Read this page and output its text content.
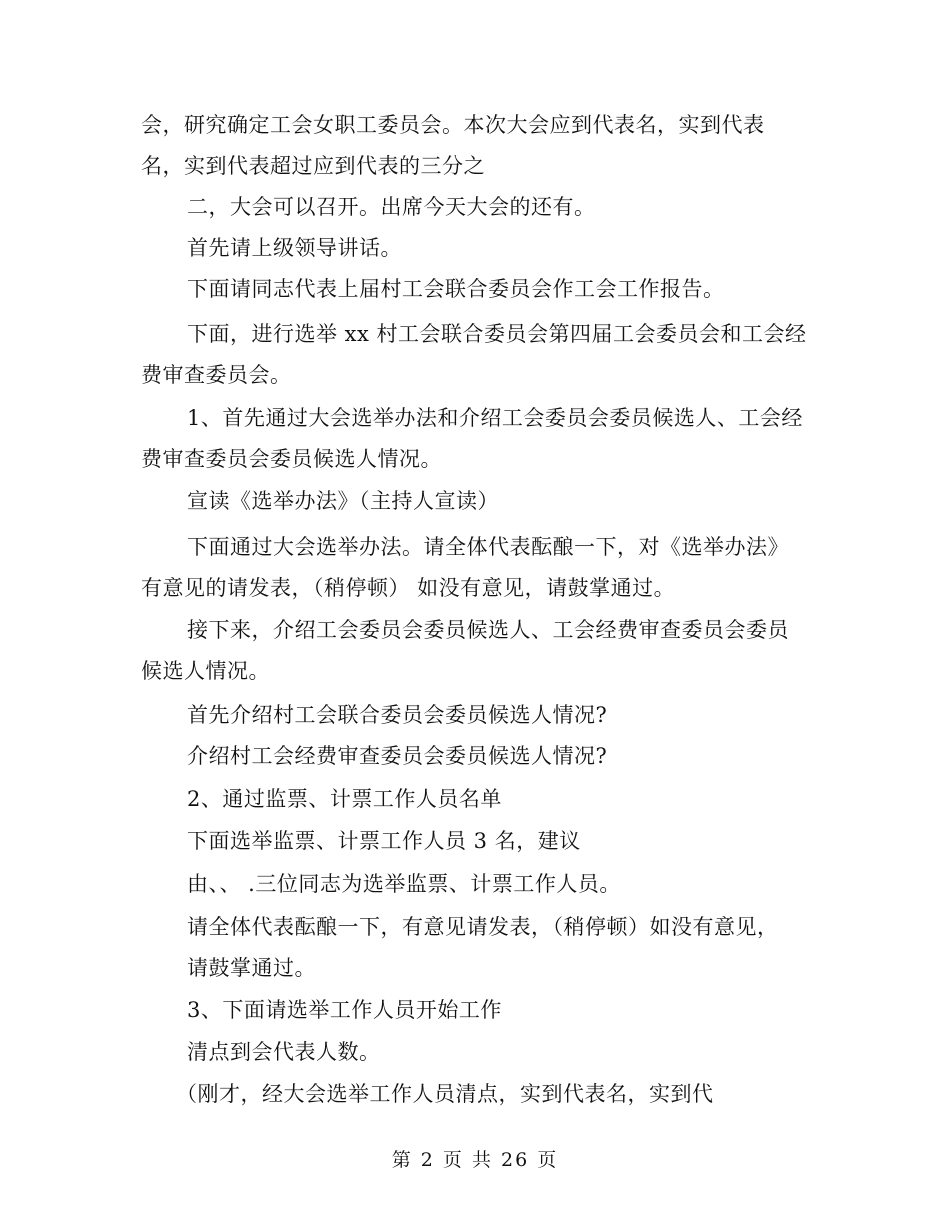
会，研究确定工会女职工委员会。本次大会应到代表名，实到代表
名，实到代表超过应到代表的三分之
二，大会可以召开。出席今天大会的还有。
首先请上级领导讲话。
下面请同志代表上届村工会联合委员会作工会工作报告。
下面，进行选举 xx 村工会联合委员会第四届工会委员会和工会经
费审查委员会。
1、首先通过大会选举办法和介绍工会委员会委员候选人、工会经
费审查委员会委员候选人情况。
宣读《选举办法》（主持人宣读）
下面通过大会选举办法。请全体代表酝酿一下，对《选举办法》
有意见的请发表，（稍停顿） 如没有意见，请鼓掌通过。
接下来，介绍工会委员会委员候选人、工会经费审查委员会委员
候选人情况。
首先介绍村工会联合委员会委员候选人情况?
介绍村工会经费审查委员会委员候选人情况?
2、通过监票、计票工作人员名单
下面选举监票、计票工作人员 3 名，建议
由、、 .三位同志为选举监票、计票工作人员。
请全体代表酝酿一下，有意见请发表，（稍停顿）如没有意见，
请鼓掌通过。
3、下面请选举工作人员开始工作
清点到会代表人数。
（刚才，经大会选举工作人员清点，实到代表名，实到代
第 2 页 共 26 页
